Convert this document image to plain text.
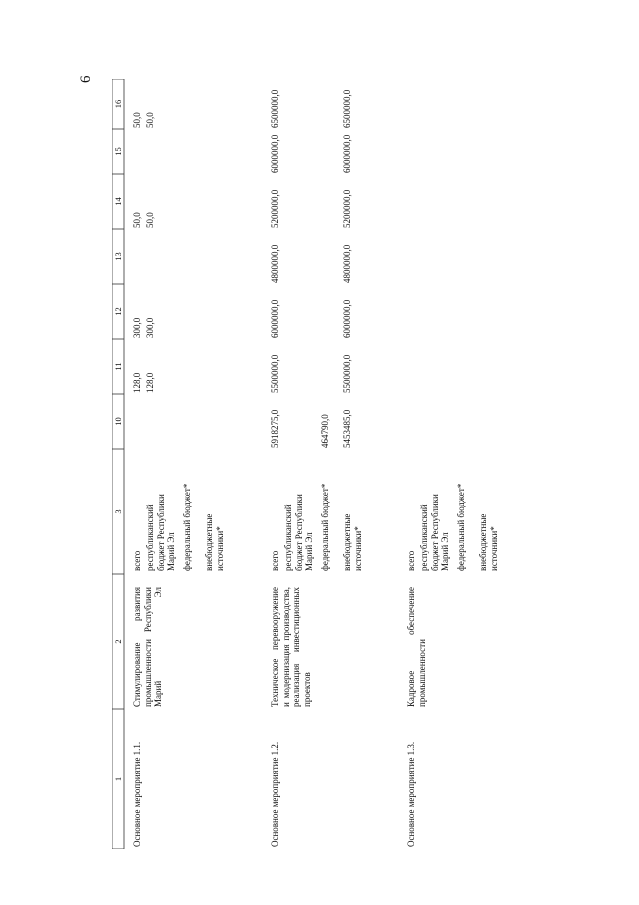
6
1
2
3
10
11
12
13
14
15
16
Основное мероприятие 1.1.
Стимулирование развития промышленности Республики Марий Эл
всего
128,0
300,0
50,0
50,0
республиканский бюджет Республики Марий Эл
128,0
300,0
50,0
50,0
федеральный бюджет* внебюджетные источники*
Основное мероприятие 1.2.
Техническое перевооружение и модернизация производства, реализация инвестиционных проектов
всего
5918275,0
5500000,0
6000000,0
4800000,0
5200000,0
6000000,0
6500000,0
республиканский бюджет Республики Марий Эл федеральный бюджет*
464790,0
внебюджетные источники*
5453485,0
5500000,0
6000000,0
4800000,0
5200000,0
6000000,0
6500000,0
Основное мероприятие 1.3.
Кадровое обеспечение промышленности
всего республиканский бюджет Республики Марий Эл федеральный бюджет* внебюджетные источники*
